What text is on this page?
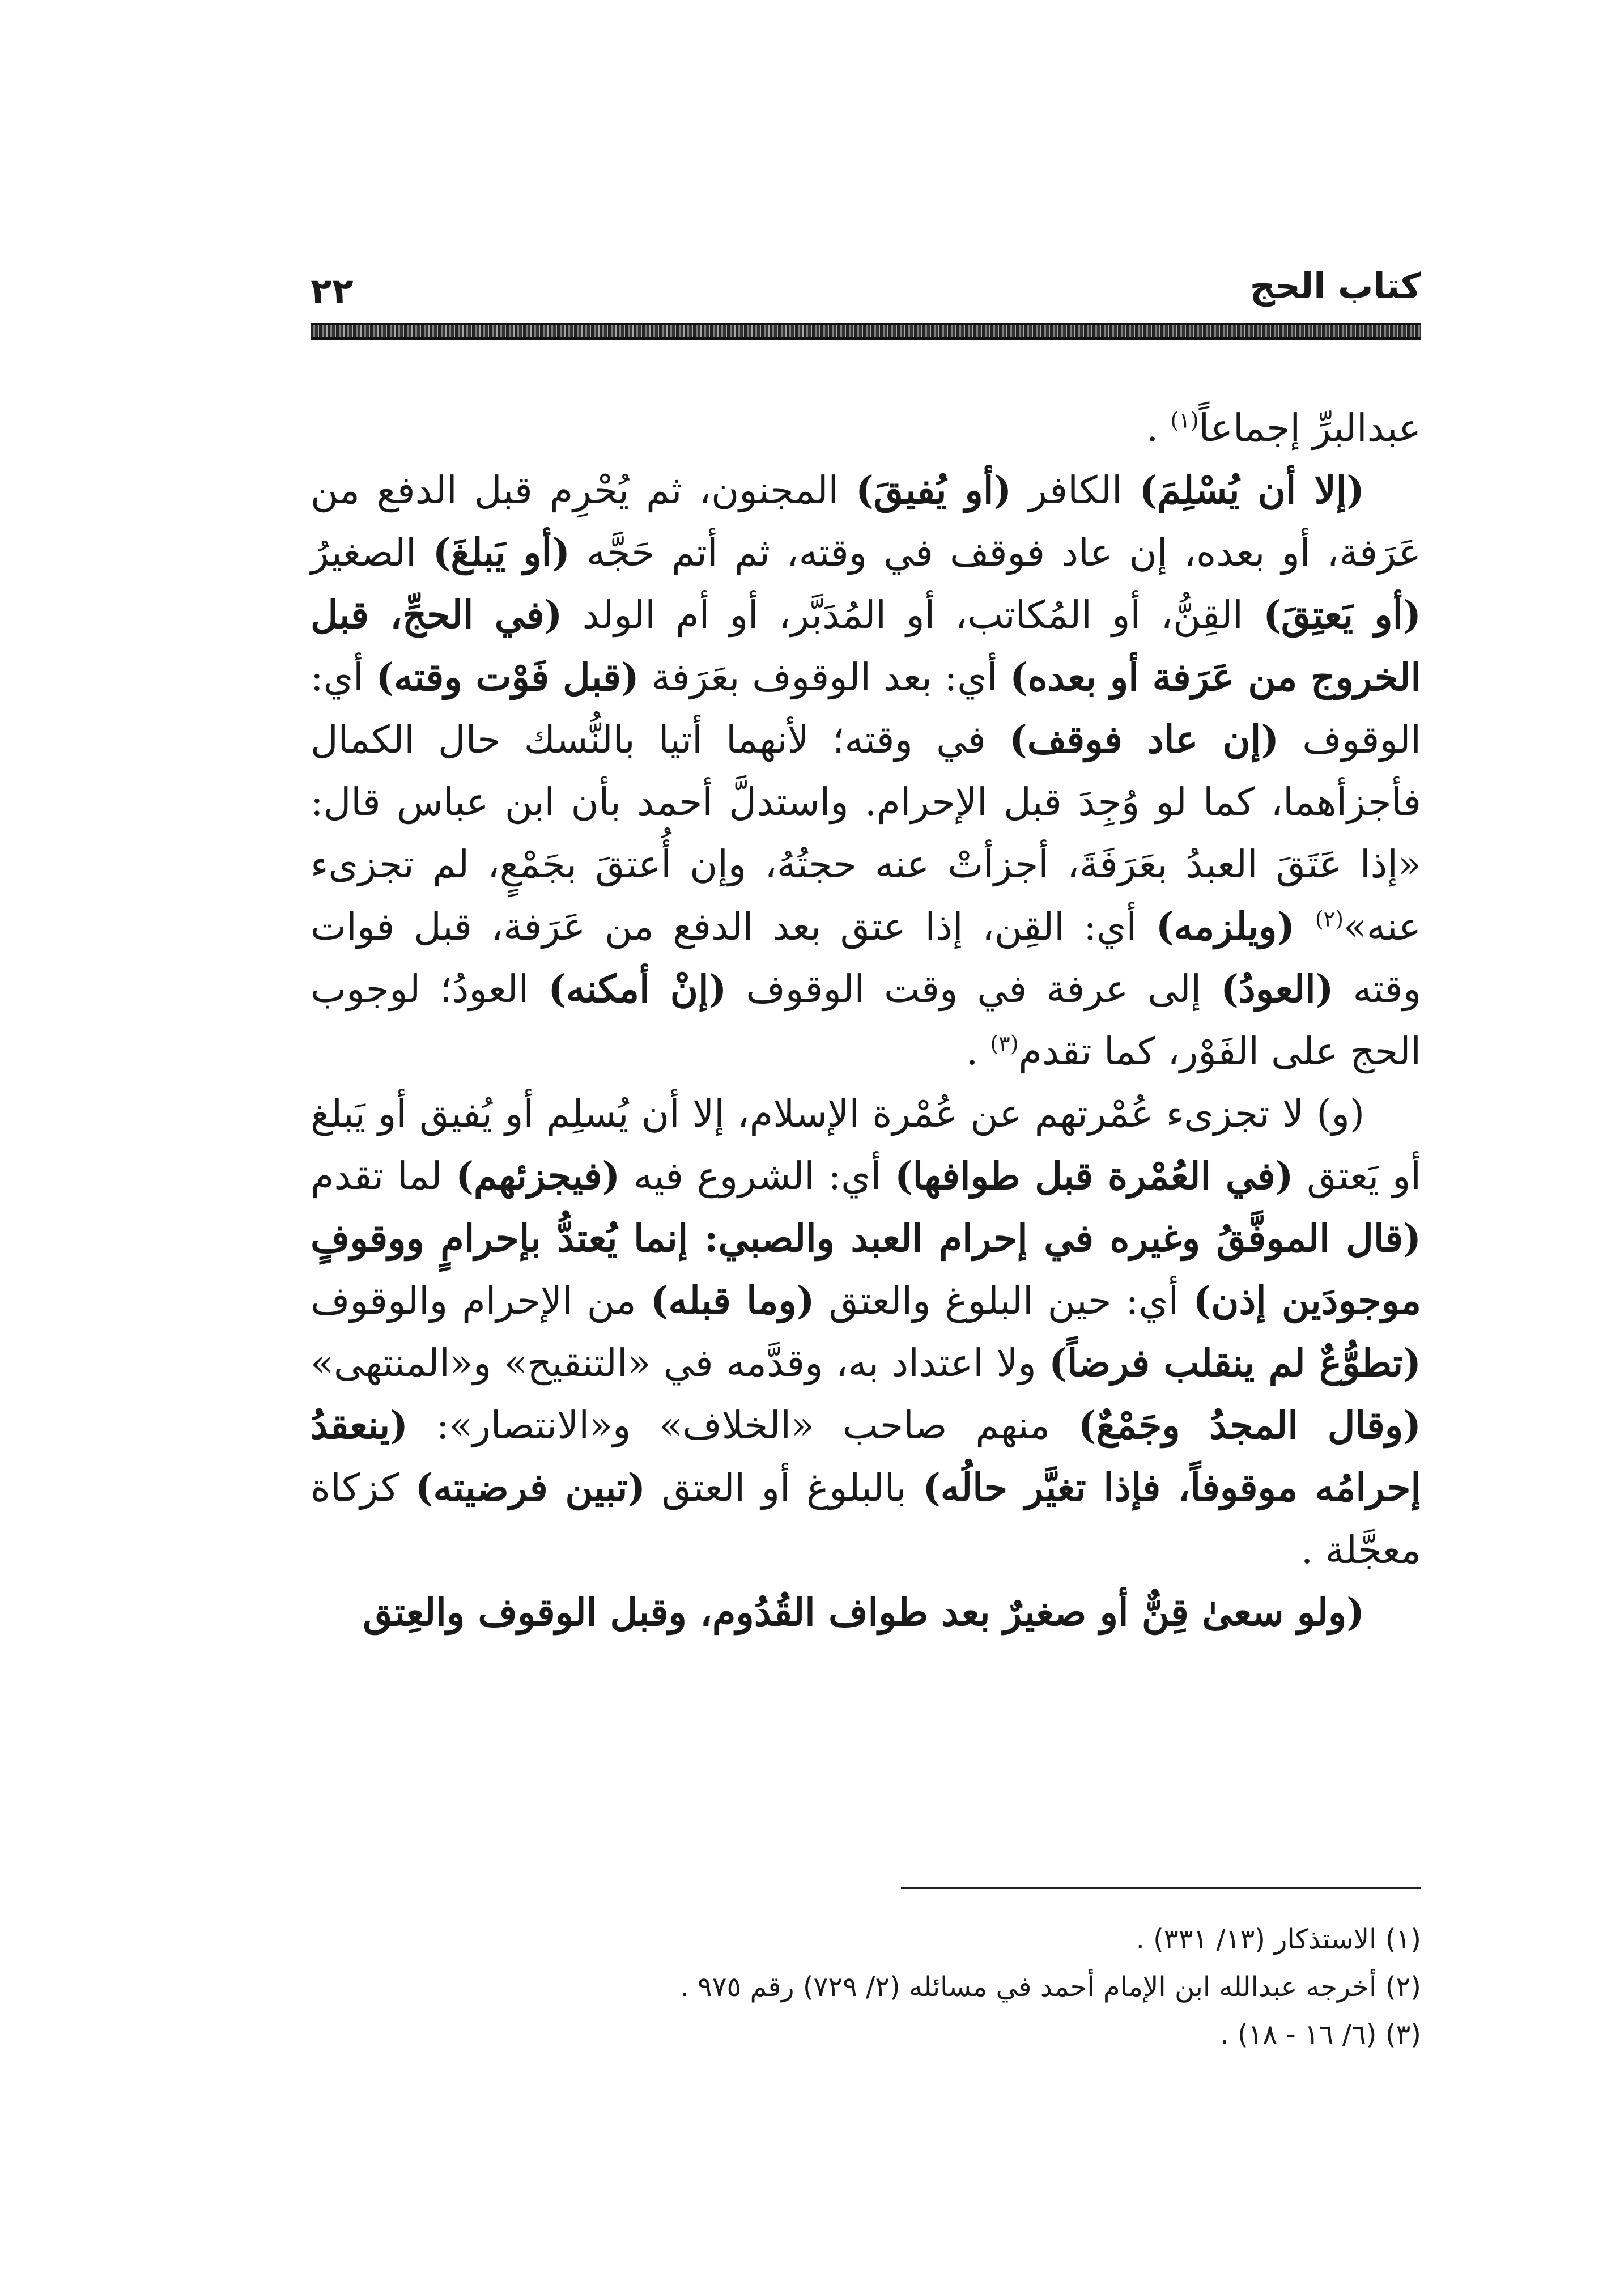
كتاب الحج
٢٢

عبدالبرِّ إجماعاً$^{(١)}$ .

(إلا أن يُسْلِمَ) الكافر (أو يُفيقَ) المجنون، ثم يُحْرِم قبل الدفع من عَرَفة، أو بعده، إن عاد فوقف في وقته، ثم أتم حَجَّه (أو يَبلغَ) الصغيرُ (أو يَعتِقَ) القِنُّ، أو المُكاتب، أو المُدَبَّر، أو أم الولد (في الحجِّ، قبل الخروج من عَرَفة أو بعده) أي: بعد الوقوف بعَرَفة (قبل فَوْت وقته) أي: الوقوف (إن عاد فوقف) في وقته؛ لأنهما أتيا بالنُّسك حال الكمال فأجزأهما، كما لو وُجِدَ قبل الإحرام. واستدلَّ أحمد بأن ابن عباس قال: «إذا عَتَقَ العبدُ بعَرَفَةَ، أجزأتْ عنه حجتُهُ، وإن أُعتقَ بجَمْعٍ، لم تجزىء عنه»$^{(٢)}$ (ويلزمه) أي: القِن، إذا عتق بعد الدفع من عَرَفة، قبل فوات وقته (العودُ) إلى عرفة في وقت الوقوف (إنْ أمكنه) العودُ؛ لوجوب الحج على الفَوْر، كما تقدم$^{(٣)}$ .

(و) لا تجزىء عُمْرتهم عن عُمْرة الإسلام، إلا أن يُسلِم أو يُفيق أو يَبلغ أو يَعتق (في العُمْرة قبل طوافها) أي: الشروع فيه (فيجزئهم) لما تقدم (قال الموفَّقُ وغيره في إحرام العبد والصبي: إنما يُعتدُّ بإحرامٍ ووقوفٍ موجودَين إذن) أي: حين البلوغ والعتق (وما قبله) من الإحرام والوقوف (تطوُّعٌ لم ينقلب فرضاً) ولا اعتداد به، وقدَّمه في «التنقيح» و«المنتهى» (وقال المجدُ وجَمْعٌ) منهم صاحب «الخلاف» و«الانتصار»: (ينعقدُ إحرامُه موقوفاً، فإذا تغيَّر حالُه) بالبلوغ أو العتق (تبين فرضيته) كزكاة معجَّلة .

(ولو سعىٰ قِنٌّ أو صغيرٌ بعد طواف القُدُوم، وقبل الوقوف والعِتق

(١) الاستذكار (١٣/ ٣٣١) .
(٢) أخرجه عبدالله ابن الإمام أحمد في مسائله (٢/ ٧٢٩) رقم ٩٧٥ .
(٣) (٦/ ١٦ - ١٨) .
